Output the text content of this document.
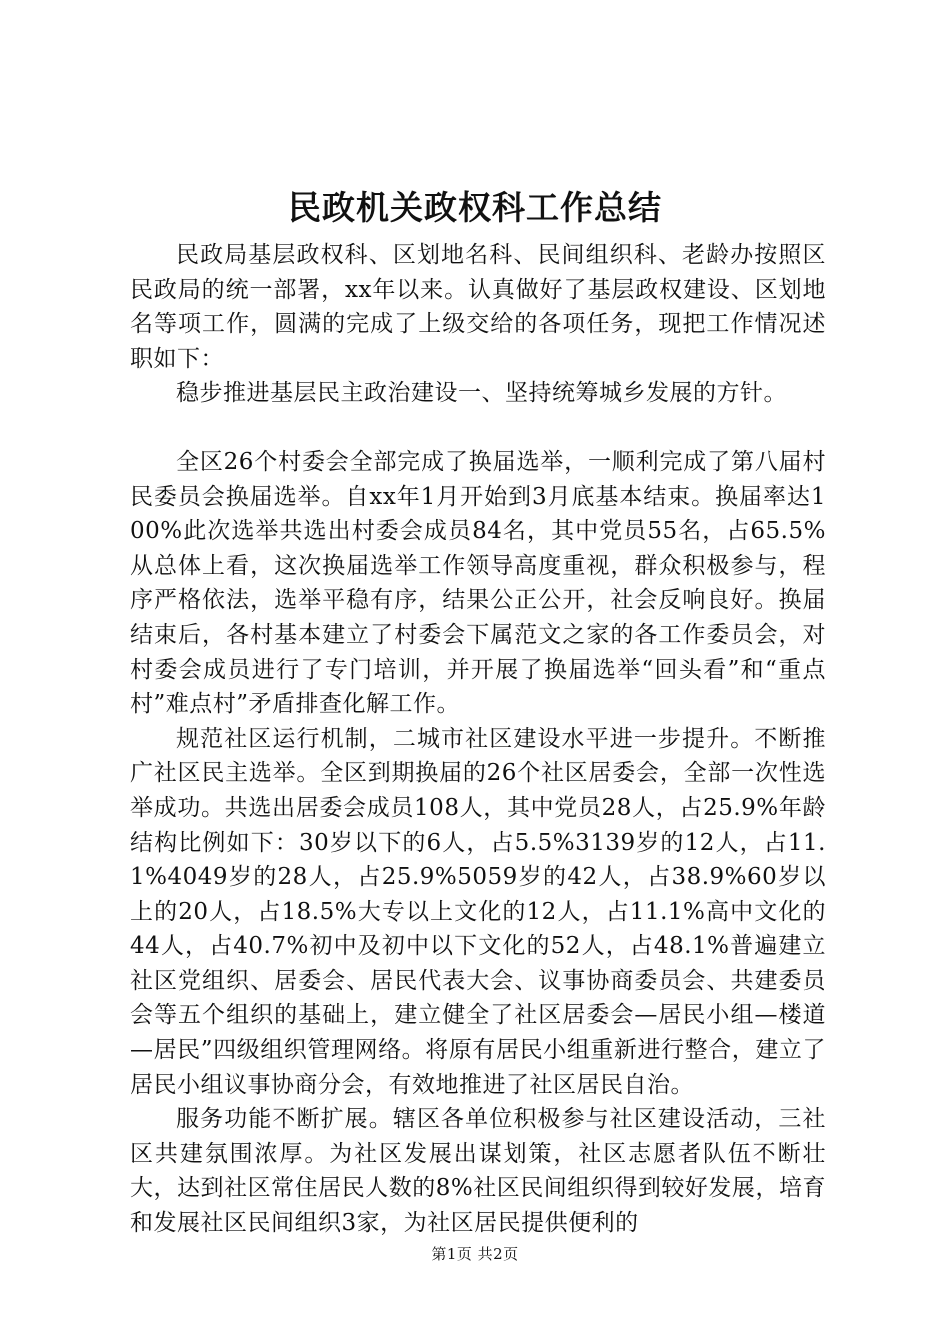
民政机关政权科工作总结

民政局基层政权科、区划地名科、民间组织科、老龄办按照区民政局的统一部署，xx年以来。认真做好了基层政权建设、区划地名等项工作，圆满的完成了上级交给的各项任务，现把工作情况述职如下：

稳步推进基层民主政治建设一、坚持统筹城乡发展的方针。

全区26个村委会全部完成了换届选举，一顺利完成了第八届村民委员会换届选举。自xx年1月开始到3月底基本结束。换届率达100%此次选举共选出村委会成员84名，其中党员55名，占65.5%从总体上看，这次换届选举工作领导高度重视，群众积极参与，程序严格依法，选举平稳有序，结果公正公开，社会反响良好。换届结束后，各村基本建立了村委会下属范文之家的各工作委员会，对村委会成员进行了专门培训，并开展了换届选举“回头看”和“重点村”难点村”矛盾排查化解工作。

规范社区运行机制，二城市社区建设水平进一步提升。不断推广社区民主选举。全区到期换届的26个社区居委会，全部一次性选举成功。共选出居委会成员108人，其中党员28人，占25.9%年龄结构比例如下：30岁以下的6人，占5.5%3139岁的12人，占11.1%4049岁的28人，占25.9%5059岁的42人，占38.9%60岁以上的20人，占18.5%大专以上文化的12人，占11.1%高中文化的44人，占40.7%初中及初中以下文化的52人，占48.1%普遍建立社区党组织、居委会、居民代表大会、议事协商委员会、共建委员会等五个组织的基础上，建立健全了社区居委会—居民小组—楼道—居民”四级组织管理网络。将原有居民小组重新进行整合，建立了居民小组议事协商分会，有效地推进了社区居民自治。

服务功能不断扩展。辖区各单位积极参与社区建设活动，三社区共建氛围浓厚。为社区发展出谋划策，社区志愿者队伍不断壮大，达到社区常住居民人数的8%社区民间组织得到较好发展，培育和发展社区民间组织3家，为社区居民提供便利的

第1页 共2页
